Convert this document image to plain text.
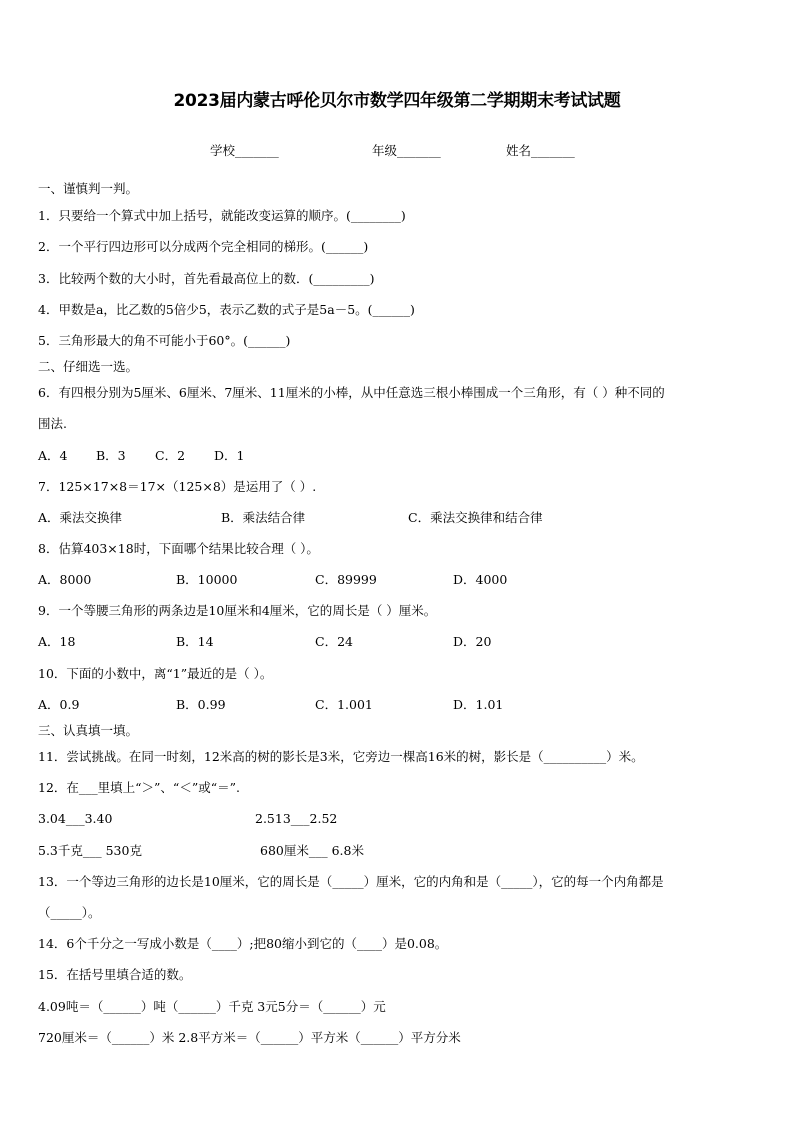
2023届内蒙古呼伦贝尔市数学四年级第二学期期末考试试题
学校_______	年级_______	姓名_______
一、谨慎判一判。
1．只要给一个算式中加上括号，就能改变运算的顺序。(________)
2．一个平行四边形可以分成两个完全相同的梯形。(______)
3．比较两个数的大小时，首先看最高位上的数．(_________)
4．甲数是a，比乙数的5倍少5，表示乙数的式子是5a－5。(______)
5．三角形最大的角不可能小于60°。(______)
二、仔细选一选。
6．有四根分别为5厘米、6厘米、7厘米、11厘米的小棒，从中任意选三根小棒围成一个三角形，有（ ）种不同的
围法.
A．4 B．3 C．2 D．1
7．125×17×8＝17×（125×8）是运用了（ ）.
A．乘法交换律	B．乘法结合律	C．乘法交换律和结合律
8．估算403×18时，下面哪个结果比较合理（ ）。
A．8000	B．10000	C．89999	D．4000
9．一个等腰三角形的两条边是10厘米和4厘米，它的周长是（ ）厘米。
A．18	B．14	C．24	D．20
10．下面的小数中，离“1”最近的是（ ）。
A．0.9	B．0.99	C．1.001	D．1.01
三、认真填一填。
11．尝试挑战。在同一时刻，12米高的树的影长是3米，它旁边一棵高16米的树，影长是（__________）米。
12．在___里填上“＞”、“＜”或“＝”.
3.04___3.40	2.513___2.52
5.3千克___ 530克	680厘米___ 6.8米
13．一个等边三角形的边长是10厘米，它的周长是（_____）厘米，它的内角和是（_____），它的每一个内角都是
（_____）。
14．6个千分之一写成小数是（____）;把80缩小到它的（____）是0.08。
15．在括号里填合适的数。
4.09吨＝（______）吨（______）千克 3元5分＝（______）元
720厘米＝（______）米 2.8平方米＝（______）平方米（______）平方分米
